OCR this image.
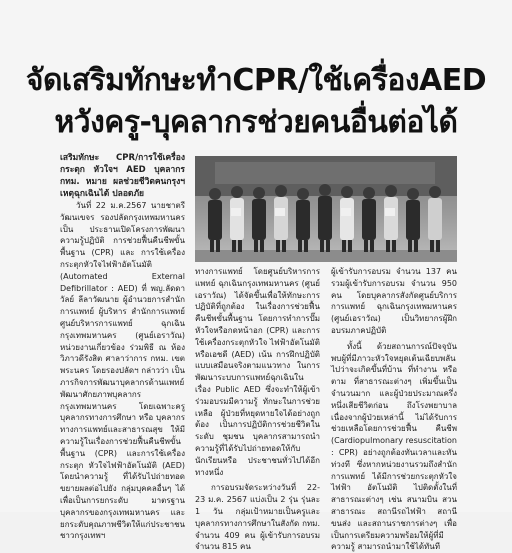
จัดเสริมทักษะทำCPR/ใช้เครื่องAED
หวังครู-บุคลากรช่วยคนอื่นต่อได้

เสริมทักษะ CPR/การใช้เครื่องกระตุก หัวใจฯ AED บุคลากร กทม. หมาย ผลช่วยชีวิตคนกรุงฯ เหตุฉุกเฉินได้ ปลอดภัย

วันที่ 22 ม.ค.2567 นายชาตรี วัฒนเขจร รองปลัดกรุงเทพมหานคร เป็น ประธานเปิดโครงการพัฒนาความรู้ปฏิบัติ การช่วยฟื้นคืนชีพขั้นพื้นฐาน (CPR) และ การใช้เครื่องกระตุกหัวใจไฟฟ้าอัตโนมัติ (Automated External Defibrillator : AED) ที่ พญ.ลัดดาวัลย์ ลีลาวัฒนาย ผู้อำนวยการสำนักการแพทย์ ผู้บริหาร สำนักการแพทย์ ศูนย์บริหารการแพทย์ ฉุกเฉินกรุงเทพมหานคร (ศูนย์เอราวัณ) หน่วยงานเกี่ยวข้อง ร่วมพิธี ณ ห้อง วิภาวดีรังสิต ศาลาว่าการ กทม. เขต พระนคร โดยรองปลัดฯ กล่าวว่า เป็นภารกิจการพัฒนาบุคลากรด้านแพทย์ พัฒนาศักยภาพบุคลากรกรุงเทพมหานคร โดยเฉพาะครู บุคลากรทางการศึกษา หรือ บุคลากรทางการแพทย์และสาธารณสุข ให้มีความรู้ในเรื่องการช่วยฟื้นคืนชีพขั้น พื้นฐาน (CPR) และการใช้เครื่องกระตุก หัวใจไฟฟ้าอัตโนมัติ (AED) โดยนำความรู้ ที่ได้รับไปถ่ายทอดขยายผลต่อไปยัง กลุ่มบุคคลอื่นๆ ได้ เพื่อเป็นการยกระดับ มาตรฐานบุคลากรของกรุงเทพมหานคร และยกระดับคุณภาพชีวิตให้แก่ประชาชน ชาวกรุงเทพฯ

ทางการแพทย์ โดยศูนย์บริหารการแพทย์ ฉุกเฉินกรุงเทพมหานคร (ศูนย์เอราวัณ) ได้จัดขึ้นเพื่อให้ทักษะการปฏิบัติที่ถูกต้อง ในเรื่องการช่วยฟื้นคืนชีพขั้นพื้นฐาน โดยการทำการปั๊มหัวใจหรือกดหน้าอก (CPR) และการใช้เครื่องกระตุกหัวใจ ไฟฟ้าอัตโนมัติ หรือเอชดี (AED) เน้น การฝึกปฏิบัติแบบเสมือนจริงตามแนวทาง ในการพัฒนาระบบการแพทย์ฉุกเฉินใน เรื่อง Public AED ซึ่งจะทำให้ผู้เข้า ร่วมอบรมมีความรู้ ทักษะในการช่วยเหลือ ผู้ป่วยที่หยุดหายใจได้อย่างถูกต้อง เป็นการปฏิบัติการช่วยชีวิตในระดับ ชุมชน บุคลากรสามารถนำความรู้ที่ได้รับไปถ่ายทอดให้กับนักเรียนหรือ ประชาชนทั่วไปได้อีกทางหนึ่ง

การอบรมจัดระหว่างวันที่ 22-23 ม.ค. 2567 แบ่งเป็น 2 รุ่น รุ่นละ 1 วัน กลุ่มเป้าหมายเป็นครูและบุคลากรทางการศึกษาในสังกัด กทม. จำนวน 409 คน ผู้เข้ารับการอบรม จำนวน 815 คน

ผู้เข้ารับการอบรม จำนวน 137 คน รวมผู้เข้ารับการอบรม จำนวน 950 คน โดยบุคลากรสังกัดศูนย์บริการการแพทย์ ฉุกเฉินกรุงเทพมหานคร (ศูนย์เอราวัณ) เป็นวิทยากรผู้ฝึกอบรมภาคปฏิบัติ

ทั้งนี้ ด้วยสถานการณ์ปัจจุบัน พบผู้ที่มีภาวะหัวใจหยุดเต้นเฉียบพลัน ไปว่าจะเกิดขึ้นที่บ้าน ที่ทำงาน หรือตาม ที่สาธารณะต่างๆ เพิ่มขึ้นเป็นจำนวนมาก และผู้ป่วยประมาณครึ่งหนึ่งเสียชีวิตก่อน ถึงโรงพยาบาล เนื่องจากผู้ป่วยเหล่านี้ ไม่ได้รับการช่วยเหลือโดยการช่วยฟื้น คืนชีพ (Cardiopulmonary resuscitation : CPR) อย่างถูกต้องทันเวลาและทันท่วงที ซึ่งหากหน่วยงานรวมถึงสำนักการแพทย์ ได้มีการช่วยกระตุกหัวใจไฟฟ้า อัตโนมัติ ไปติดตั้งในที่สาธารณะต่างๆ เช่น สนามบิน สวนสาธารณะ สถานีรถไฟฟ้า สถานีขนส่ง และสถานราชการต่างๆ เพื่อ เป็นการเตรียมความพร้อมให้ผู้ที่มีความรู้ สามารถนำมาใช้ได้ทันที
